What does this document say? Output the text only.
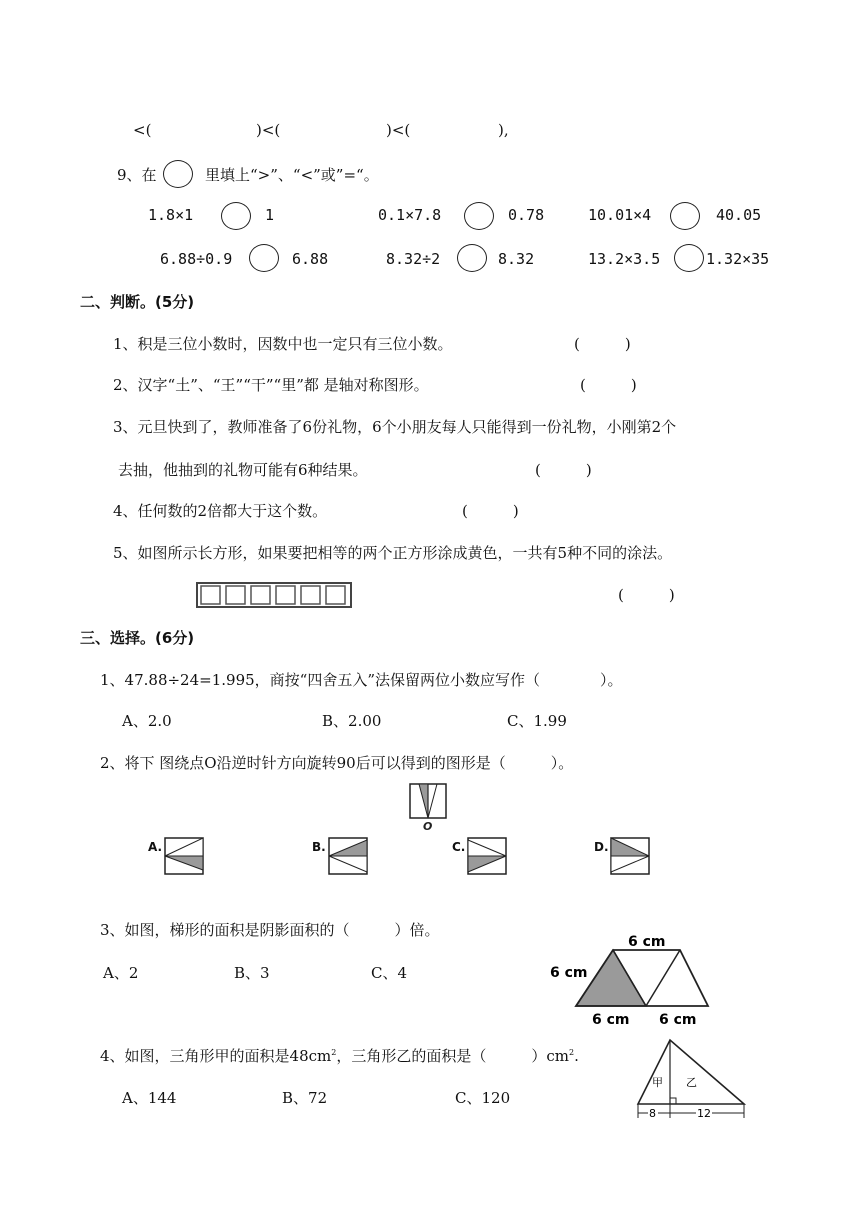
<(	)<(	)<(	),
9、在	里填上“>”、“<”或”=“。
1.8×1	1	0.1×7.8	0.78	10.01×4	40.05
6.88÷0.9	6.88	8.32÷2	8.32	13.2×3.5	1.32×35
二、判断。(5分)
1、积是三位小数时，因数中也一定只有三位小数。	(　　　)
2、汉字“土”、“王”“干”“里”都 是轴对称图形。	(　　　)
3、元旦快到了，教师准备了6份礼物，6个小朋友每人只能得到一份礼物，小刚第2个
去抽，他抽到的礼物可能有6种结果。	(　　　)
4、任何数的2倍都大于这个数。	(　　　)
5、如图所示长方形，如果要把相等的两个正方形涂成黄色，一共有5种不同的涂法。
(　　　)
三、选择。(6分)
1、47.88÷24=1.995，商按“四舍五入”法保留两位小数应写作（　　　　）。
A、2.0	B、2.00	C、1.99
2、将下 图绕点O沿逆时针方向旋转90后可以得到的图形是（　　　）。
O
A.	B.	C.	D.
3、如图，梯形的面积是阴影面积的（　　　）倍。
A、2	B、3	C、4
6 cm
6 cm
6 cm 6 cm
4、如图，三角形甲的面积是$48cm^2$，三角形乙的面积是（　　　）$cm^2$.
A、144	B、72	C、120
甲 乙
8	12
